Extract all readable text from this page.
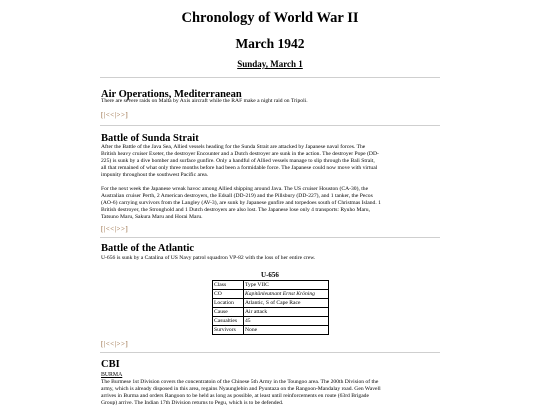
Chronology of World War II
March 1942
Sunday, March 1
Air Operations, Mediterranean

There are severe raids on Malta by Axis aircraft while the RAF make a night raid on Tripoli.

[|<<|>>]
Battle of Sunda Strait
After the Battle of the Java Sea, Allied vessels heading for the Sunda Strait are attacked by Japanese naval forces. The
British heavy cruiser Exeter, the destroyer Encounter and a Dutch destroyer are sunk in the action. The destroyer Pope (DD-
225) is sunk by a dive bomber and surface gunfire. Only a handful of Allied vessels manage to slip through the Bali Strait,
all that remained of what only three months before had been a formidable force. The Japanese could now move with virtual
impunity throughout the southwest Pacific area.
For the next week the Japanese wreak havoc among Allied shipping around Java. The US cruiser Houston (CA-30), the
Australian cruiser Perth, 2 American destroyers, the Edsall (DD-219) and the Pillsbury (DD-227), and 1 tanker, the Pecos
(AO-6) carrying survivors from the Langley (AV-3), are sunk by Japanese gunfire and torpedoes south of Christmas Island. 1
British destroyer, the Stronghold and 1 Dutch destroyers are also lost. The Japanese lose only 4 transports: Ryuho Maru,
Tatsuno Maru, Sakura Maru and Horai Maru.
[|<<|>>]
Battle of the Atlantic

U-656 is sunk by a Catalina of US Navy patrol squadron VP-82 with the loss of her entire crew.

U-656
Class	Type VIIC
CO	Kapitänleutnant Ernst Kröning
Location	Atlantic, S of Cape Race
Cause	Air attack
Casualties	45
Survivors	None
[|<<|>>]
CBI
BURMA
The Burmese 1st Division covers the concentratoin of the Chinese 5th Army in the Toungoo area. The 200th Division of the
army, which is already disposed in this area, regains Nyaunglebin and Pyuntaza on the Rangoon-Mandalay road. Gen Wavell
arrives in Burma and orders Rangoon to be held as long as possible, at least until reinforcements en route (63rd Brigade
Group) arrive. The Indian 17th Division returns to Pegu, which is to be defended.
